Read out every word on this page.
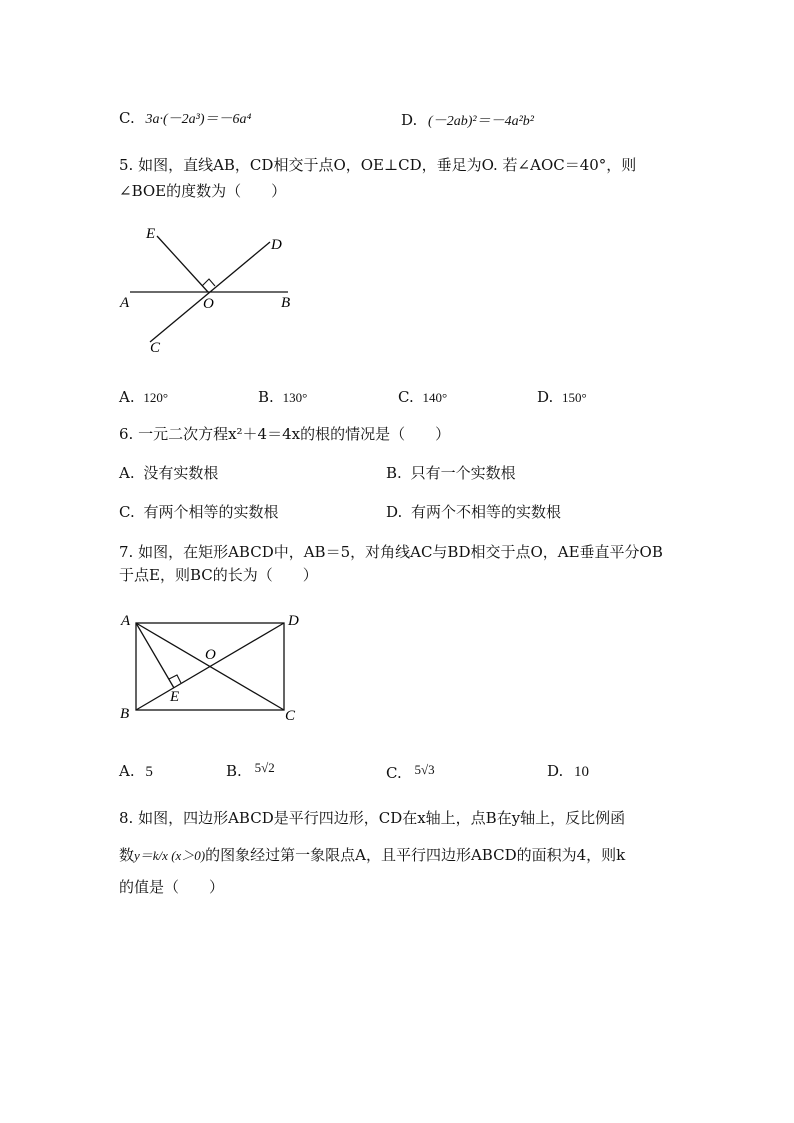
C. 3a·(－2a³)＝－6a⁴	D. (－2ab)²＝－4a²b²
5. 如图，直线AB，CD相交于点O，OE⊥CD，垂足为O. 若∠AOC＝40°，则
∠BOE的度数为（　　）
E
D
A	O	B
C
A. 120°	B. 130°	C. 140°	D. 150°
6. 一元二次方程x²＋4＝4x的根的情况是（　　）
A. 没有实数根	B. 只有一个实数根
C. 有两个相等的实数根	D. 有两个不相等的实数根
7. 如图，在矩形ABCD中，AB＝5，对角线AC与BD相交于点O，AE垂直平分OB
于点E，则BC的长为（　　）
A	D
O
E
B	C
A. 5	B. 5√2	C. 5√3	D. 10
8. 如图，四边形ABCD是平行四边形，CD在x轴上，点B在y轴上，反比例函
数y＝k/x (x＞0)的图象经过第一象限点A，且平行四边形ABCD的面积为4，则k
的值是（　　）
